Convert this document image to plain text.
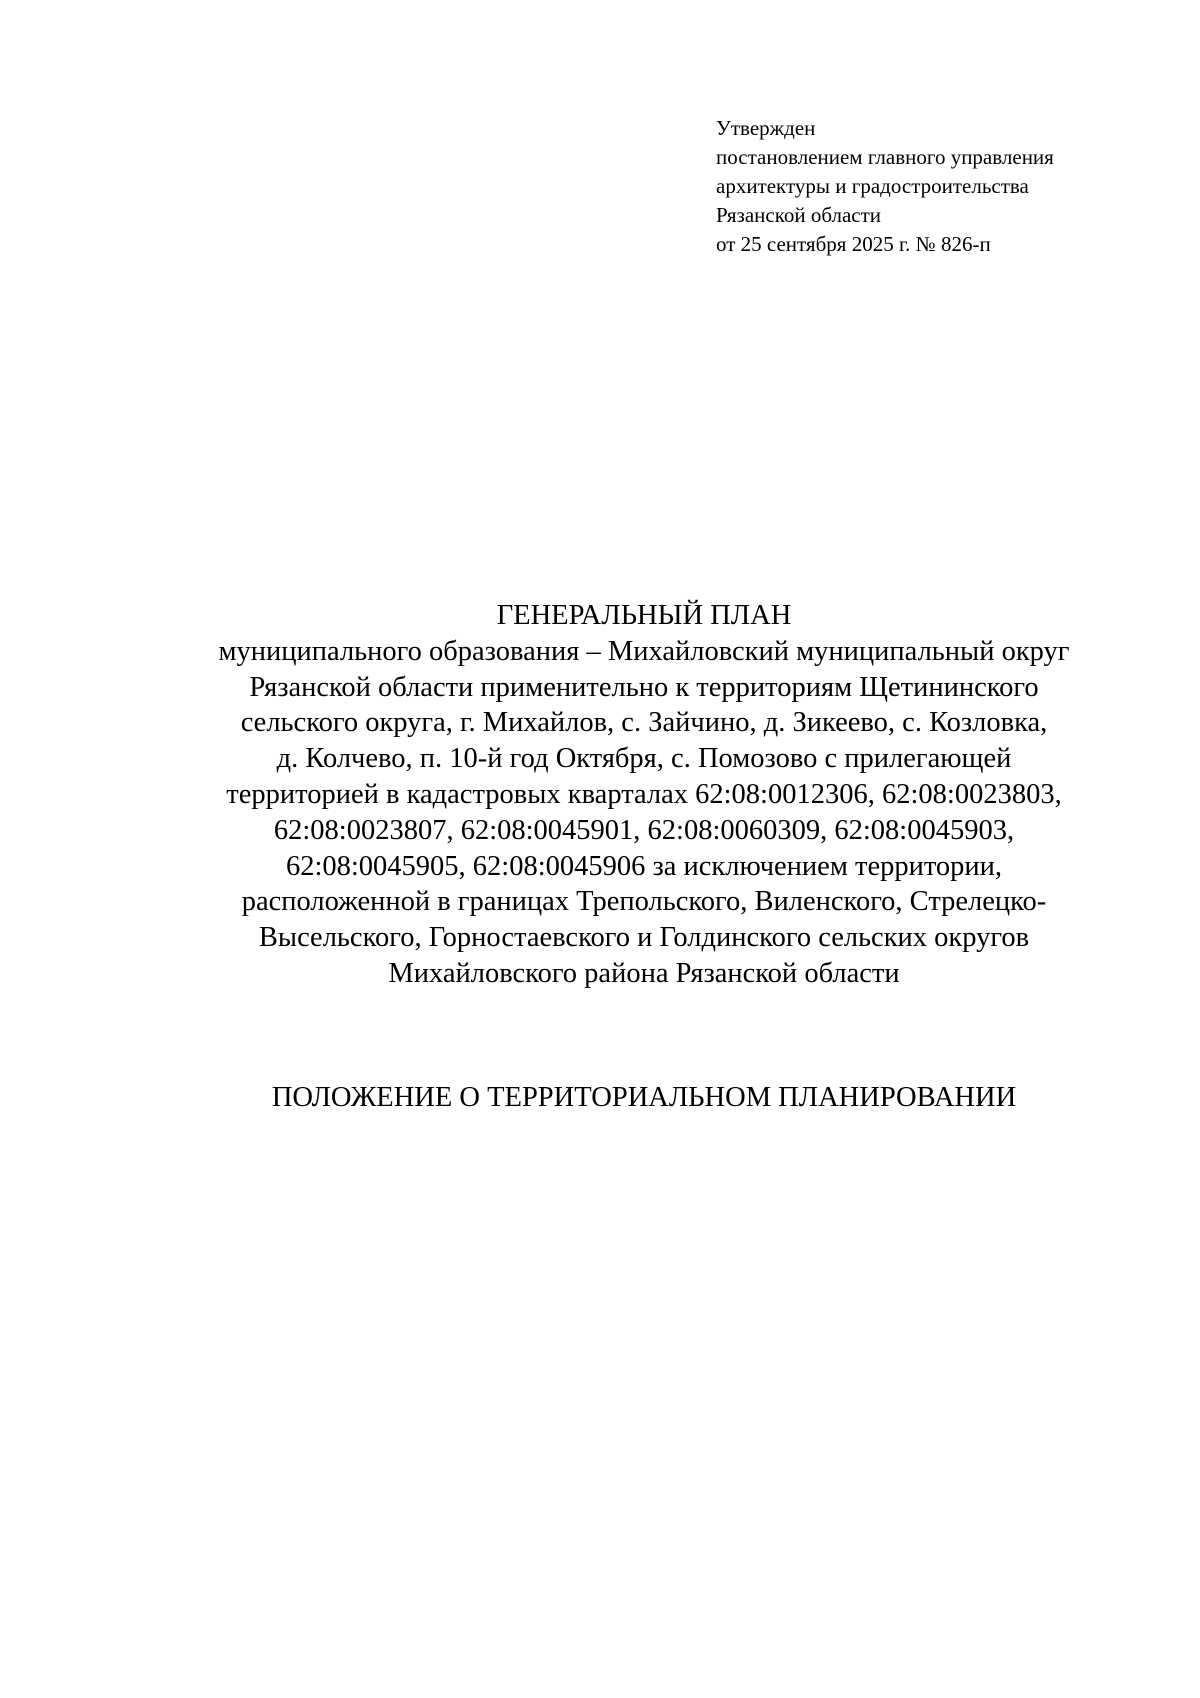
Утвержден
постановлением главного управления
архитектуры и градостроительства
Рязанской области
от 25 сентября 2025 г. № 826-п
ГЕНЕРАЛЬНЫЙ ПЛАН
муниципального образования – Михайловский муниципальный округ
Рязанской области применительно к территориям Щетининского
сельского округа, г. Михайлов, с. Зайчино, д. Зикеево, с. Козловка,
д. Колчево, п. 10-й год Октября, с. Помозово с прилегающей
территорией в кадастровых кварталах 62:08:0012306, 62:08:0023803,
62:08:0023807, 62:08:0045901, 62:08:0060309, 62:08:0045903,
62:08:0045905, 62:08:0045906 за исключением территории,
расположенной в границах Трепольского, Виленского, Стрелецко-
Высельского, Горностаевского и Голдинского сельских округов
Михайловского района Рязанской области
ПОЛОЖЕНИЕ О ТЕРРИТОРИАЛЬНОМ ПЛАНИРОВАНИИ
